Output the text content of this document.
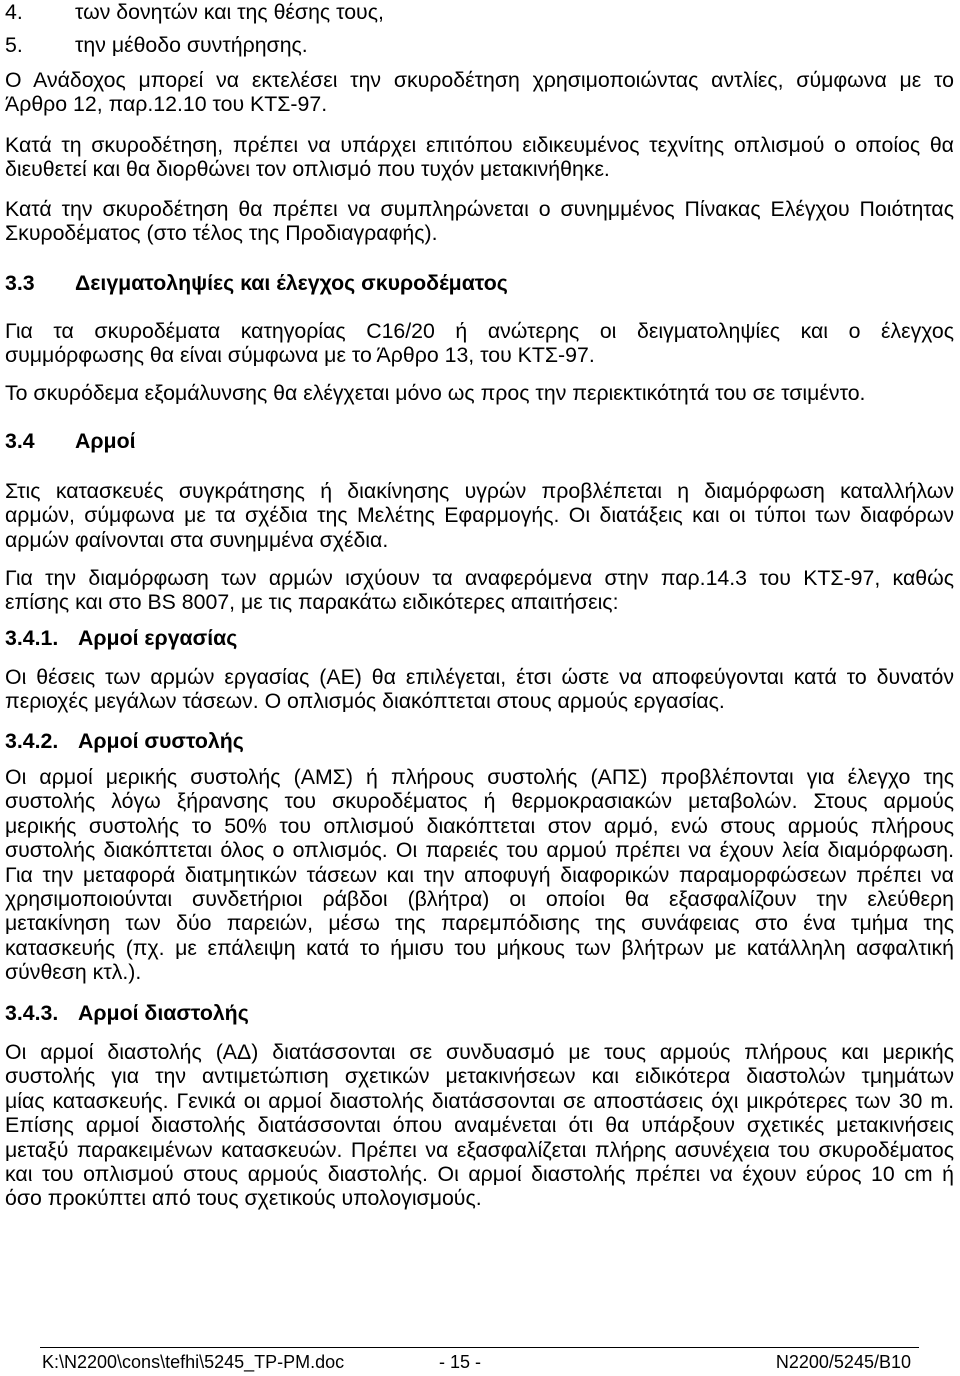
4. των δονητών και της θέσης τους,
5. την μέθοδο συντήρησης.
Ο Ανάδοχος μπορεί να εκτελέσει την σκυροδέτηση χρησιμοποιώντας αντλίες, σύμφωνα με το
Άρθρο 12, παρ.12.10 του ΚΤΣ-97.
Κατά τη σκυροδέτηση, πρέπει να υπάρχει επιτόπου ειδικευμένος τεχνίτης οπλισμού ο οποίος θα
διευθετεί και θα διορθώνει τον οπλισμό που τυχόν μετακινήθηκε.
Κατά την σκυροδέτηση θα πρέπει να συμπληρώνεται ο συνημμένος Πίνακας Ελέγχου Ποιότητας
Σκυροδέματος (στο τέλος της Προδιαγραφής).
3.3 Δειγματοληψίες και έλεγχος σκυροδέματος
Για τα σκυροδέματα κατηγορίας C16/20 ή ανώτερης οι δειγματοληψίες και ο έλεγχος
συμμόρφωσης θα είναι σύμφωνα με το Άρθρο 13, του ΚΤΣ-97.
Το σκυρόδεμα εξομάλυνσης θα ελέγχεται μόνο ως προς την περιεκτικότητά του σε τσιμέντο.
3.4 Αρμοί
Στις κατασκευές συγκράτησης ή διακίνησης υγρών προβλέπεται η διαμόρφωση καταλλήλων
αρμών, σύμφωνα με τα σχέδια της Μελέτης Εφαρμογής. Οι διατάξεις και οι τύποι των διαφόρων
αρμών φαίνονται στα συνημμένα σχέδια.
Για την διαμόρφωση των αρμών ισχύουν τα αναφερόμενα στην παρ.14.3 του ΚΤΣ-97, καθώς
επίσης και στο BS 8007, με τις παρακάτω ειδικότερες απαιτήσεις:
3.4.1. Αρμοί εργασίας
Οι θέσεις των αρμών εργασίας (ΑΕ) θα επιλέγεται, έτσι ώστε να αποφεύγονται κατά το δυνατόν
περιοχές μεγάλων τάσεων. Ο οπλισμός διακόπτεται στους αρμούς εργασίας.
3.4.2. Αρμοί συστολής
Οι αρμοί μερικής συστολής (ΑΜΣ) ή πλήρους συστολής (ΑΠΣ) προβλέπονται για έλεγχο της
συστολής λόγω ξήρανσης του σκυροδέματος ή θερμοκρασιακών μεταβολών. Στους αρμούς
μερικής συστολής το 50% του οπλισμού διακόπτεται στον αρμό, ενώ στους αρμούς πλήρους
συστολής διακόπτεται όλος ο οπλισμός. Οι παρειές του αρμού πρέπει να έχουν λεία διαμόρφωση.
Για την μεταφορά διατμητικών τάσεων και την αποφυγή διαφορικών παραμορφώσεων πρέπει να
χρησιμοποιούνται συνδετήριοι ράβδοι (βλήτρα) οι οποίοι θα εξασφαλίζουν την ελεύθερη
μετακίνηση των δύο παρειών, μέσω της παρεμπόδισης της συνάφειας στο ένα τμήμα της
κατασκευής (πχ. με επάλειψη κατά το ήμισυ του μήκους των βλήτρων με κατάλληλη ασφαλτική
σύνθεση κτλ.).
3.4.3. Αρμοί διαστολής
Οι αρμοί διαστολής (ΑΔ) διατάσσονται σε συνδυασμό με τους αρμούς πλήρους και μερικής
συστολής για την αντιμετώπιση σχετικών μετακινήσεων και ειδικότερα διαστολών τμημάτων
μίας κατασκευής. Γενικά οι αρμοί διαστολής διατάσσονται σε αποστάσεις όχι μικρότερες των 30 m.
Επίσης αρμοί διαστολής διατάσσονται όπου αναμένεται ότι θα υπάρξουν σχετικές μετακινήσεις
μεταξύ παρακειμένων κατασκευών. Πρέπει να εξασφαλίζεται πλήρης ασυνέχεια του σκυροδέματος
και του οπλισμού στους αρμούς διαστολής. Οι αρμοί διαστολής πρέπει να έχουν εύρος 10 cm ή
όσο προκύπτει από τους σχετικούς υπολογισμούς.
K:\N2200\cons\tefhi\5245_TP-PM.doc	- 15 -	N2200/5245/B10
